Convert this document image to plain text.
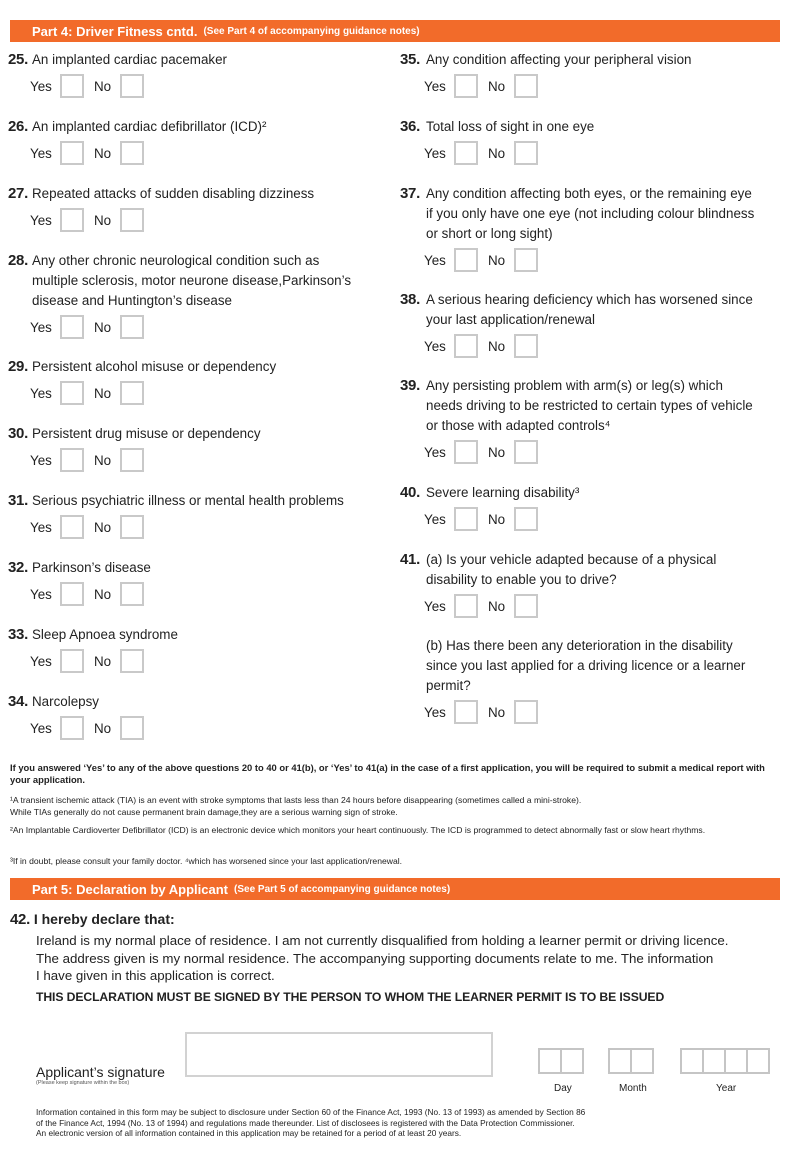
Part 4: Driver Fitness cntd. (See Part 4 of accompanying guidance notes)
25. An implanted cardiac pacemaker
Yes	No
26. An implanted cardiac defibrillator (ICD)²
Yes	No
27. Repeated attacks of sudden disabling dizziness
Yes	No
28. Any other chronic neurological condition such as
multiple sclerosis, motor neurone disease,Parkinson’s
disease and Huntington’s disease
Yes	No
29. Persistent alcohol misuse or dependency
Yes	No
30. Persistent drug misuse or dependency
Yes	No
31. Serious psychiatric illness or mental health problems
Yes	No
32. Parkinson’s disease
Yes	No
33. Sleep Apnoea syndrome
Yes	No
34. Narcolepsy
Yes	No
35. Any condition affecting your peripheral vision
Yes	No
36. Total loss of sight in one eye
Yes	No
37. Any condition affecting both eyes, or the remaining eye
if you only have one eye (not including colour blindness
or short or long sight)
Yes	No
38. A serious hearing deficiency which has worsened since
your last application/renewal
Yes	No
39. Any persisting problem with arm(s) or leg(s) which
needs driving to be restricted to certain types of vehicle
or those with adapted controls⁴
Yes	No
40. Severe learning disability³
Yes	No
41. (a) Is your vehicle adapted because of a physical
disability to enable you to drive?
Yes	No
(b) Has there been any deterioration in the disability
since you last applied for a driving licence or a learner
permit?
Yes	No
If you answered ‘Yes’ to any of the above questions 20 to 40 or 41(b), or ‘Yes’ to 41(a) in the case of a first application, you will be required to submit a medical report with your application.
¹A transient ischemic attack (TIA) is an event with stroke symptoms that lasts less than 24 hours before disappearing (sometimes called a mini-stroke).
While TIAs generally do not cause permanent brain damage,they are a serious warning sign of stroke.
²An Implantable Cardioverter Defibrillator (ICD) is an electronic device which monitors your heart continuously. The ICD is programmed to detect abnormally fast or slow heart rhythms.
³If in doubt, please consult your family doctor. ⁴which has worsened since your last application/renewal.
Part 5: Declaration by Applicant (See Part 5 of accompanying guidance notes)
42. I hereby declare that:
Ireland is my normal place of residence. I am not currently disqualified from holding a learner permit or driving licence.
The address given is my normal residence. The accompanying supporting documents relate to me. The information
I have given in this application is correct.
THIS DECLARATION MUST BE SIGNED BY THE PERSON TO WHOM THE LEARNER PERMIT IS TO BE ISSUED
Applicant’s signature
(Please keep signature within the box)	Day	Month	Year
Information contained in this form may be subject to disclosure under Section 60 of the Finance Act, 1993 (No. 13 of 1993) as amended by Section 86
of the Finance Act, 1994 (No. 13 of 1994) and regulations made thereunder. List of disclosees is registered with the Data Protection Commissioner.
An electronic version of all information contained in this application may be retained for a period of at least 20 years.
